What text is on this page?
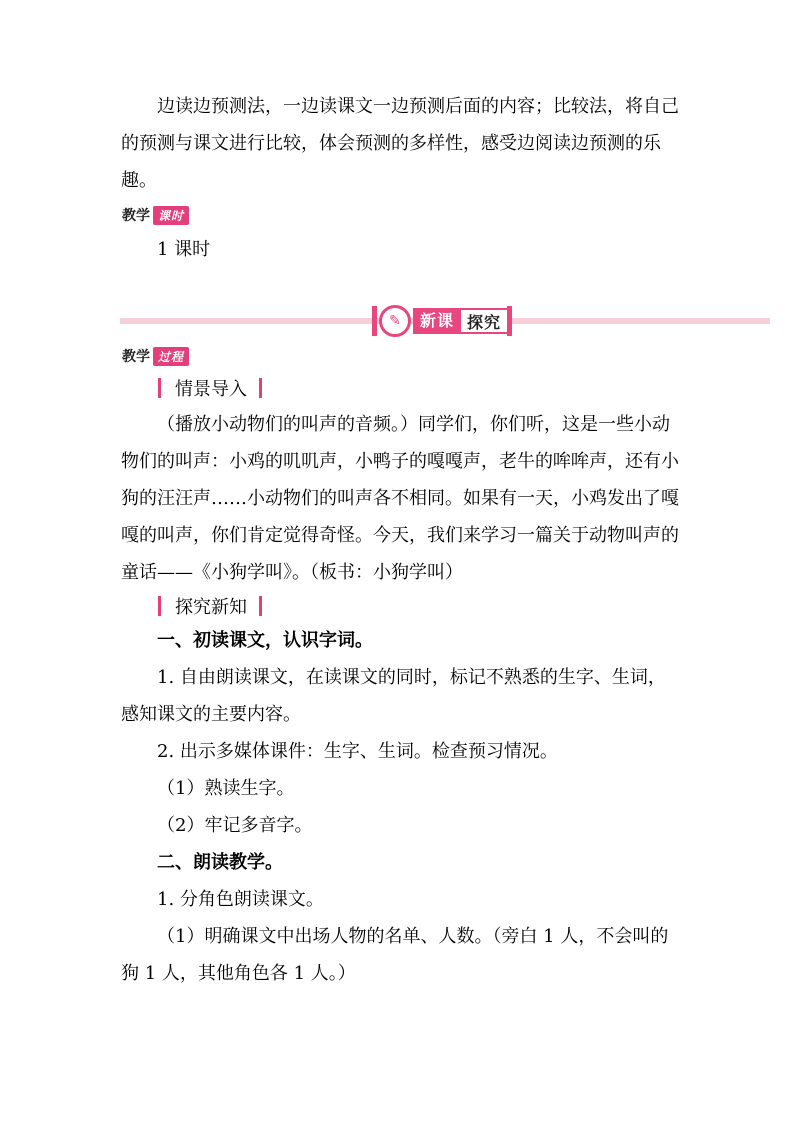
边读边预测法，一边读课文一边预测后面的内容；比较法，将自己的预测与课文进行比较，体会预测的多样性，感受边阅读边预测的乐趣。

教学 课时

1 课时

✎	新课 探究
教学 过程
情景导入

（播放小动物们的叫声的音频。）同学们，你们听，这是一些小动物们的叫声：小鸡的叽叽声，小鸭子的嘎嘎声，老牛的哞哞声，还有小狗的汪汪声……小动物们的叫声各不相同。如果有一天，小鸡发出了嘎嘎的叫声，你们肯定觉得奇怪。今天，我们来学习一篇关于动物叫声的童话——《小狗学叫》。（板书：小狗学叫）

探究新知

一、初读课文，认识字词。

1. 自由朗读课文，在读课文的同时，标记不熟悉的生字、生词，感知课文的主要内容。

2. 出示多媒体课件：生字、生词。检查预习情况。

（1）熟读生字。

（2）牢记多音字。

二、朗读教学。

1. 分角色朗读课文。

（1）明确课文中出场人物的名单、人数。（旁白 1 人，不会叫的狗 1 人，其他角色各 1 人。）
